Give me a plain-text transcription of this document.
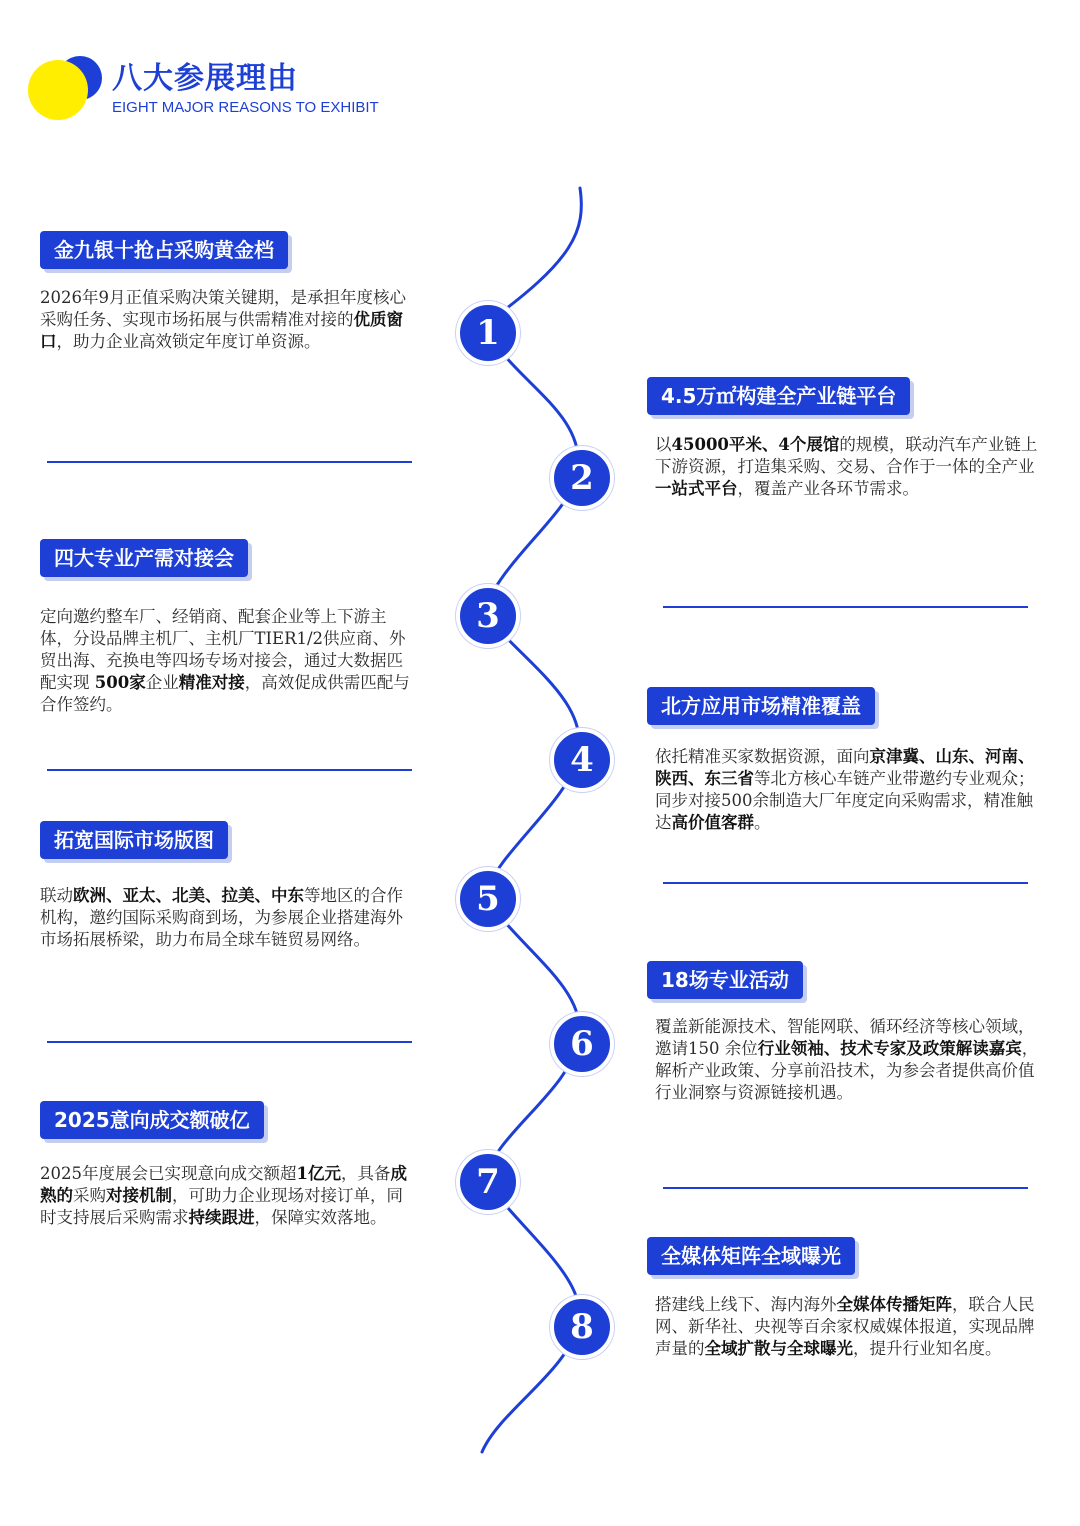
八大参展理由
EIGHT MAJOR REASONS TO EXHIBIT
1
2
3
4
5
6
7
8
金九银十抢占采购黄金档
2026年9月正值采购决策关键期，是承担年度核心采购任务、实现市场拓展与供需精准对接的优质窗口，助力企业高效锁定年度订单资源。
4.5万㎡构建全产业链平台
以45000平米、4个展馆的规模，联动汽车产业链上下游资源，打造集采购、交易、合作于一体的全产业一站式平台，覆盖产业各环节需求。
四大专业产需对接会
定向邀约整车厂、经销商、配套企业等上下游主体，分设品牌主机厂、主机厂TIER1/2供应商、外贸出海、充换电等四场专场对接会，通过大数据匹配实现 500家企业精准对接，高效促成供需匹配与合作签约。	北方应用市场精准覆盖
依托精准买家数据资源，面向京津冀、山东、河南、陕西、东三省等北方核心车链产业带邀约专业观众；同步对接500余制造大厂年度定向采购需求，精准触达高价值客群。
拓宽国际市场版图
联动欧洲、亚太、北美、拉美、中东等地区的合作机构，邀约国际采购商到场，为参展企业搭建海外市场拓展桥梁，助力布局全球车链贸易网络。
18场专业活动
覆盖新能源技术、智能网联、循环经济等核心领域，邀请150 余位行业领袖、技术专家及政策解读嘉宾，解析产业政策、分享前沿技术，为参会者提供高价值行业洞察与资源链接机遇。
2025意向成交额破亿
2025年度展会已实现意向成交额超1亿元，具备成熟的采购对接机制，可助力企业现场对接订单，同时支持展后采购需求持续跟进，保障实效落地。
全媒体矩阵全域曝光
搭建线上线下、海内海外全媒体传播矩阵，联合人民网、新华社、央视等百余家权威媒体报道，实现品牌声量的全域扩散与全球曝光，提升行业知名度。
